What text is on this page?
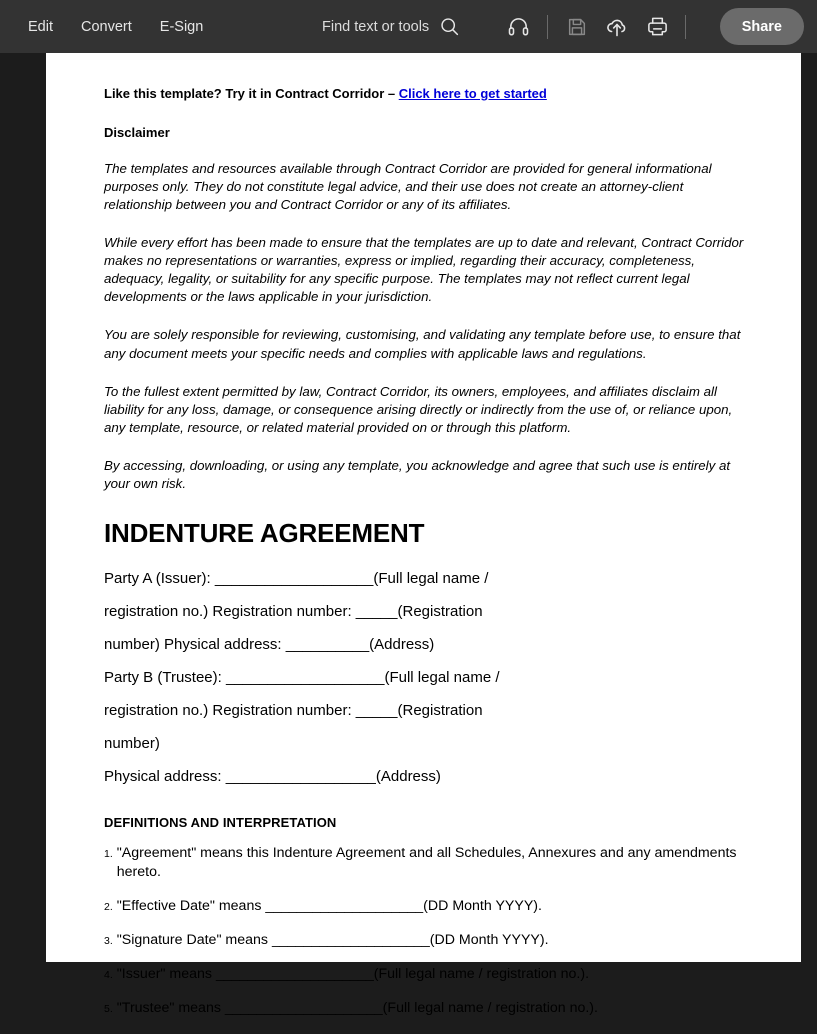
Edit	Convert	E-Sign	Find text or tools	Share
Like this template? Try it in Contract Corridor – Click here to get started
Disclaimer
The templates and resources available through Contract Corridor are provided for general informational purposes only. They do not constitute legal advice, and their use does not create an attorney-client relationship between you and Contract Corridor or any of its affiliates.
While every effort has been made to ensure that the templates are up to date and relevant, Contract Corridor makes no representations or warranties, express or implied, regarding their accuracy, completeness, adequacy, legality, or suitability for any specific purpose. The templates may not reflect current legal developments or the laws applicable in your jurisdiction.
You are solely responsible for reviewing, customising, and validating any template before use, to ensure that any document meets your specific needs and complies with applicable laws and regulations.
To the fullest extent permitted by law, Contract Corridor, its owners, employees, and affiliates disclaim all liability for any loss, damage, or consequence arising directly or indirectly from the use of, or reliance upon, any template, resource, or related material provided on or through this platform.
By accessing, downloading, or using any template, you acknowledge and agree that such use is entirely at your own risk.
INDENTURE AGREEMENT
Party A (Issuer): ___________________(Full legal name /
registration no.) Registration number: _____(Registration
number) Physical address: __________(Address)
Party B (Trustee): ___________________(Full legal name /
registration no.) Registration number: _____(Registration
number)
Physical address: __________________(Address)
DEFINITIONS AND INTERPRETATION
1. "Agreement" means this Indenture Agreement and all Schedules, Annexures and any amendments hereto.
2. "Effective Date" means ____________________(DD Month YYYY).
3. "Signature Date" means ____________________(DD Month YYYY).
4. "Issuer" means ____________________(Full legal name / registration no.).
5. "Trustee" means ____________________(Full legal name / registration no.).
